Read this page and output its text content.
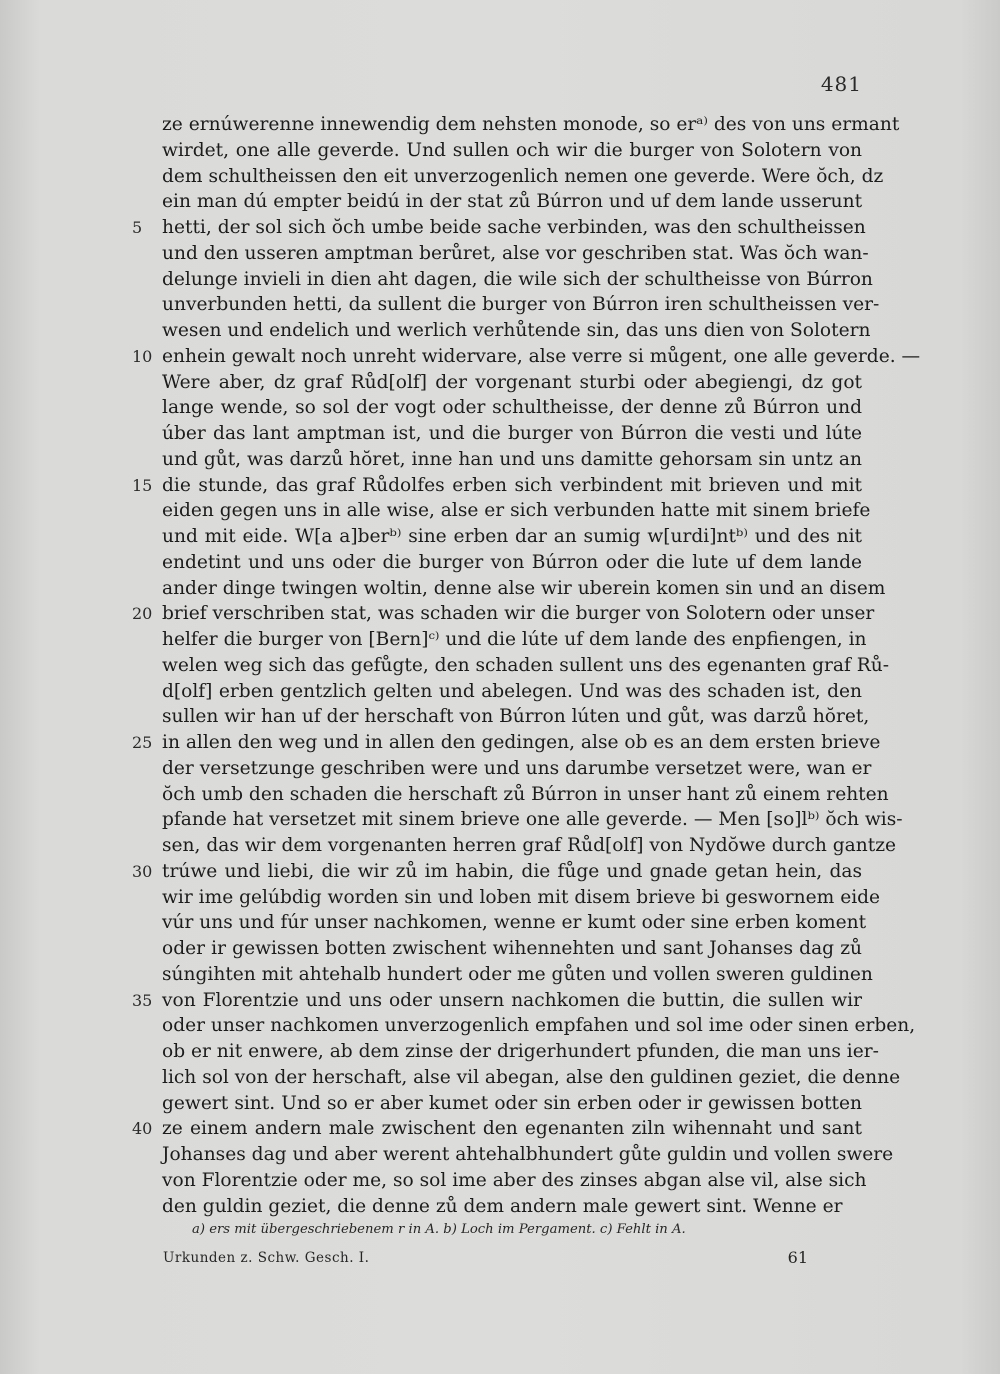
481
ze ernúwerenne innewendig dem nehsten monode, so erᵃ⁾ des von uns ermant
wirdet, one alle geverde. Und sullen och wir die burger von Solotern von
dem schultheissen den eit unverzogenlich nemen one geverde. Were ŏch, dz
ein man dú empter beidú in der stat zů Búrron und uf dem lande usserunt
5	hetti, der sol sich ŏch umbe beide sache verbinden, was den schultheissen
und den usseren amptman berůret, alse vor geschriben stat. Was ŏch wan-
delunge invieli in dien aht dagen, die wile sich der schultheisse von Búrron
unverbunden hetti, da sullent die burger von Búrron iren schultheissen ver-
wesen und endelich und werlich verhůtende sin, das uns dien von Solotern
10 enhein gewalt noch unreht widervare, alse verre si můgent, one alle geverde. —
Were aber, dz graf Růd[olf] der vorgenant sturbi oder abegiengi, dz got
lange wende, so sol der vogt oder schultheisse, der denne zů Búrron und
úber das lant amptman ist, und die burger von Búrron die vesti und lúte
und gůt, was darzů hŏret, inne han und uns damitte gehorsam sin untz an
15 die stunde, das graf Růdolfes erben sich verbindent mit brieven und mit
eiden gegen uns in alle wise, alse er sich verbunden hatte mit sinem briefe
und mit eide. W[a a]berᵇ⁾ sine erben dar an sumig w[urdi]ntᵇ⁾ und des nit
endetint und uns oder die burger von Búrron oder die lute uf dem lande
ander dinge twingen woltin, denne alse wir uberein komen sin und an disem
20 brief verschriben stat, was schaden wir die burger von Solotern oder unser
helfer die burger von [Bern]ᶜ⁾ und die lúte uf dem lande des enpfiengen, in
welen weg sich das gefůgte, den schaden sullent uns des egenanten graf Rů-
d[olf] erben gentzlich gelten und abelegen. Und was des schaden ist, den
sullen wir han uf der herschaft von Búrron lúten und gůt, was darzů hŏret,
25 in allen den weg und in allen den gedingen, alse ob es an dem ersten brieve
der versetzunge geschriben were und uns darumbe versetzet were, wan er
ŏch umb den schaden die herschaft zů Búrron in unser hant zů einem rehten
pfande hat versetzet mit sinem brieve one alle geverde. — Men [so]lᵇ⁾ ŏch wis-
sen, das wir dem vorgenanten herren graf Růd[olf] von Nydŏwe durch gantze
30 trúwe und liebi, die wir zů im habin, die fůge und gnade getan hein, das
wir ime gelúbdig worden sin und loben mit disem brieve bi geswornem eide
vúr uns und fúr unser nachkomen, wenne er kumt oder sine erben koment
oder ir gewissen botten zwischent wihennehten und sant Johanses dag zů
súngihten mit ahtehalb hundert oder me gůten und vollen sweren guldinen
35 von Florentzie und uns oder unsern nachkomen die buttin, die sullen wir
oder unser nachkomen unverzogenlich empfahen und sol ime oder sinen erben,
ob er nit enwere, ab dem zinse der drigerhundert pfunden, die man uns ier-
lich sol von der herschaft, alse vil abegan, alse den guldinen geziet, die denne
gewert sint. Und so er aber kumet oder sin erben oder ir gewissen botten
40 ze einem andern male zwischent den egenanten ziln wihennaht und sant
Johanses dag und aber werent ahtehalbhundert gůte guldin und vollen swere
von Florentzie oder me, so sol ime aber des zinses abgan alse vil, alse sich
den guldin geziet, die denne zů dem andern male gewert sint. Wenne er
a) ers mit übergeschriebenem r in A. b) Loch im Pergament. c) Fehlt in A.
Urkunden z. Schw. Gesch. I.	61
